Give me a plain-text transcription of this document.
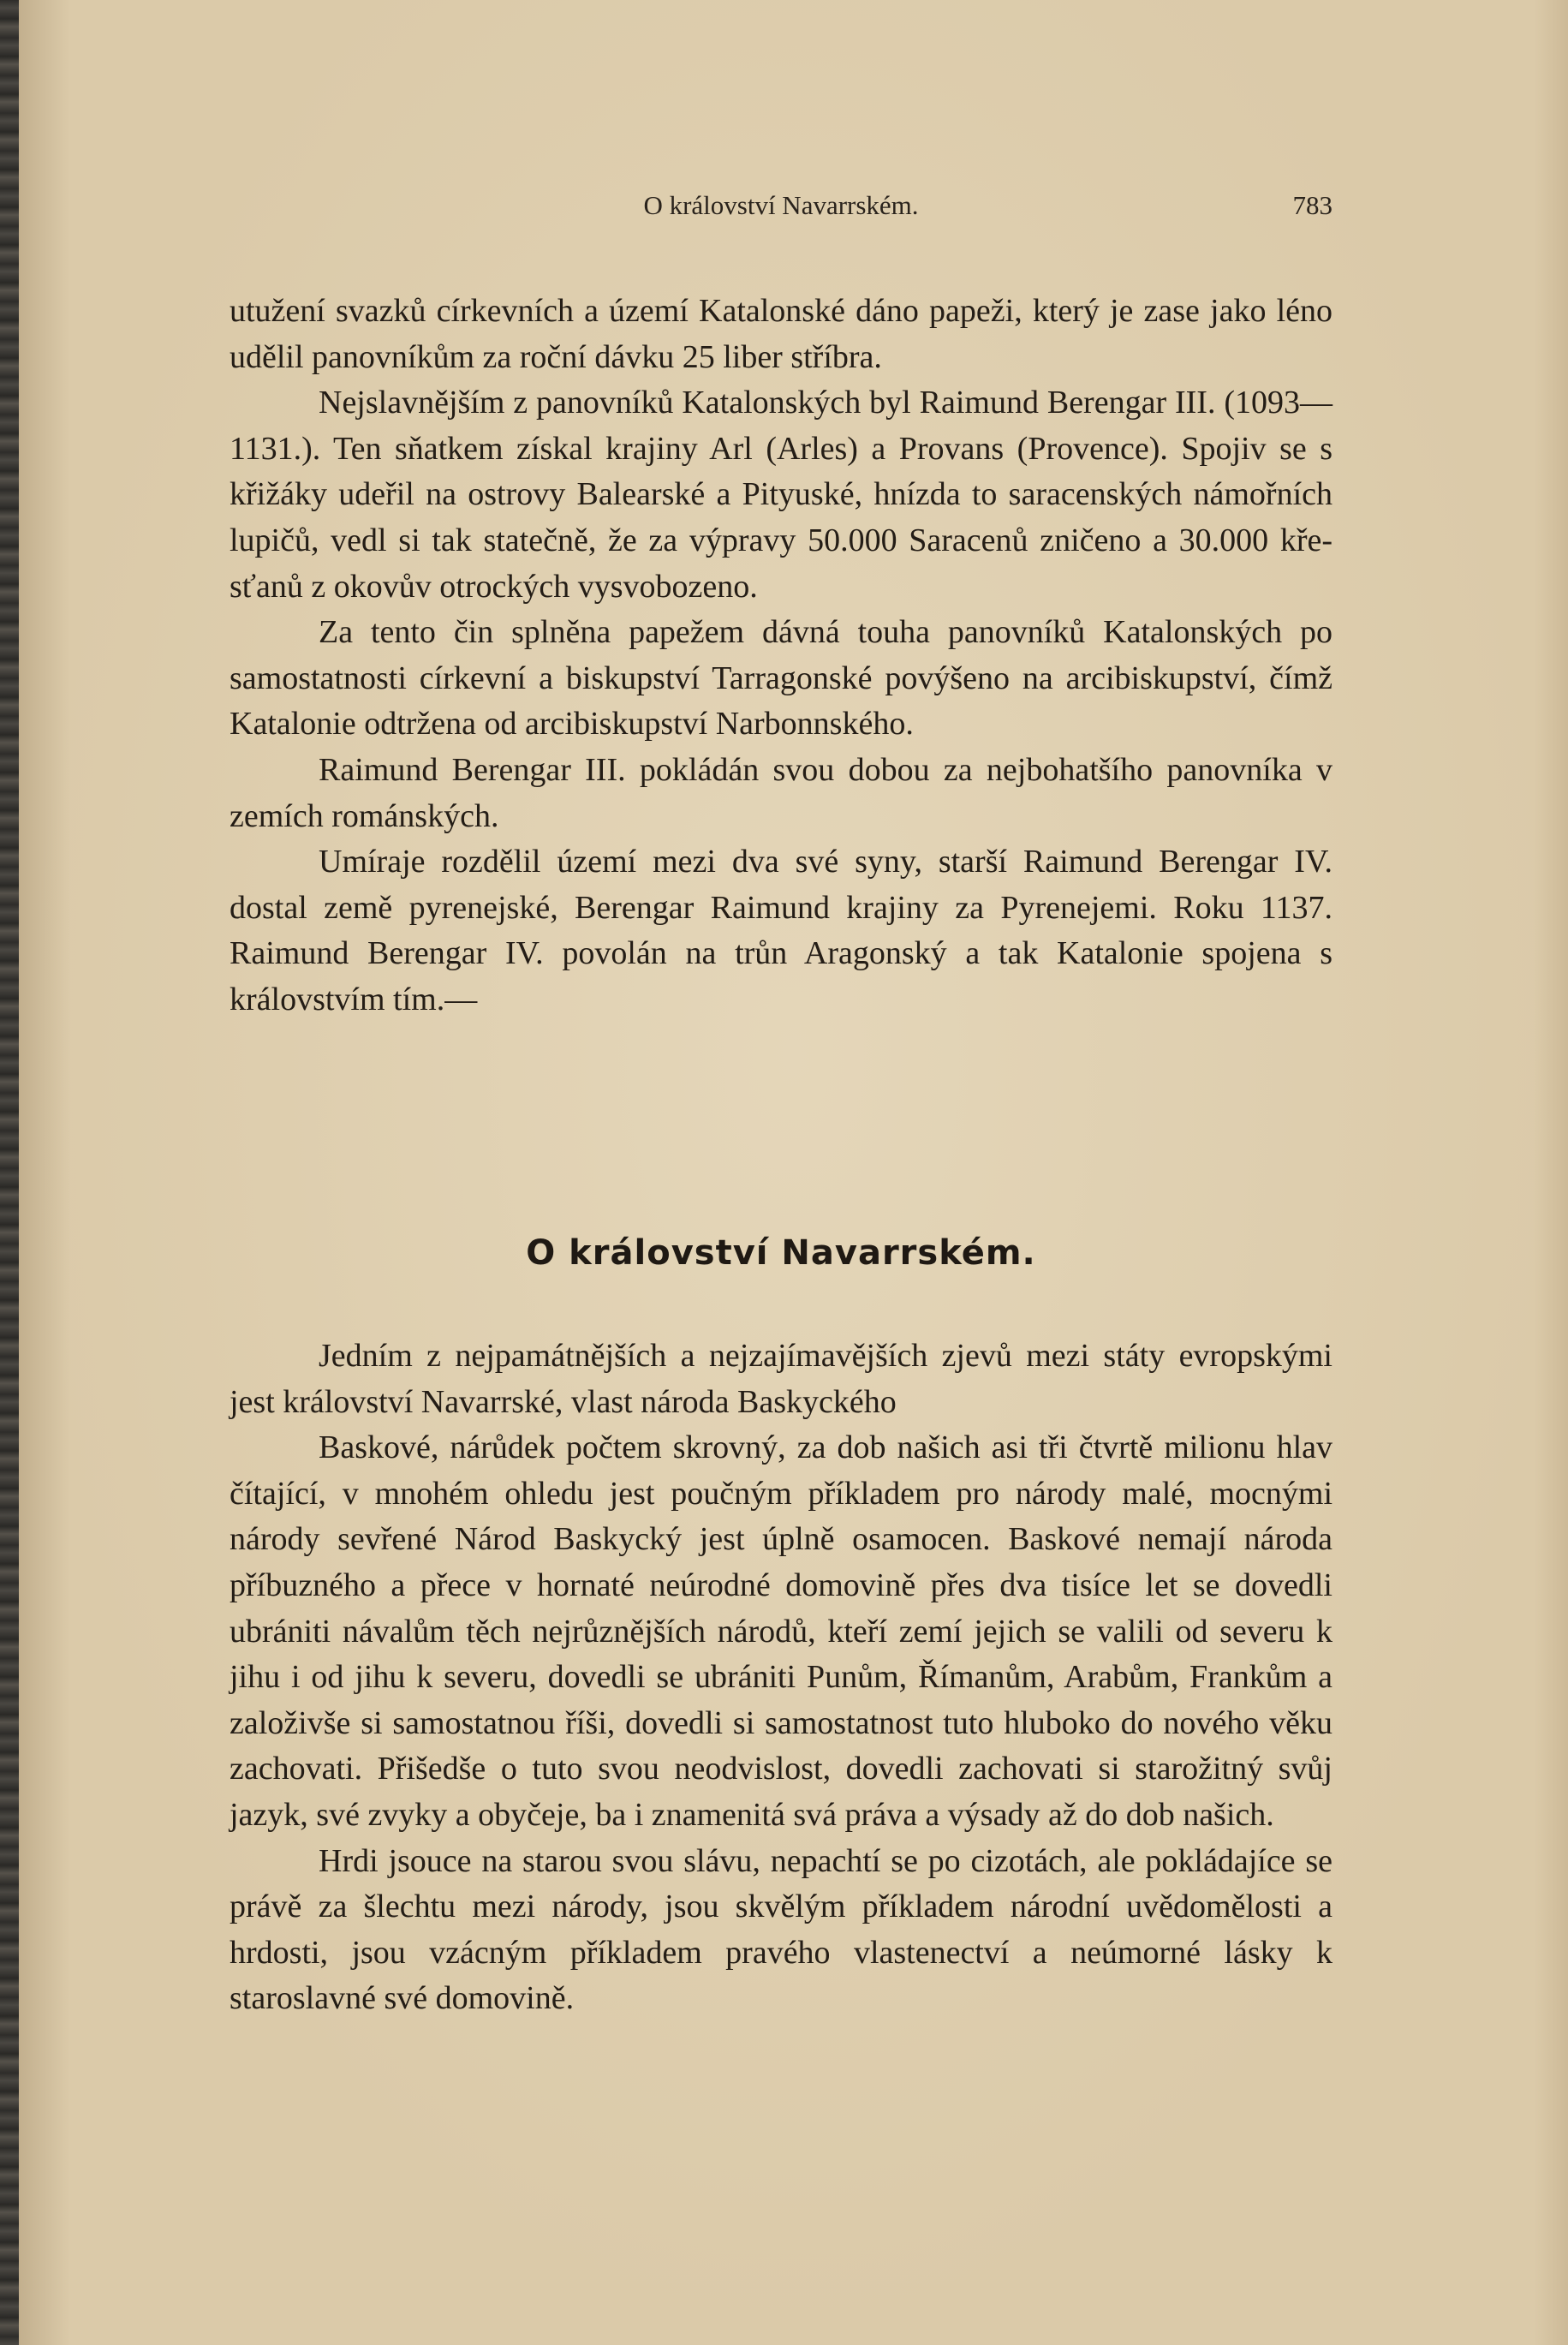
O království Navarrském.	783

utužení svazků církevních a území Katalonské dáno papeži, který je zase jako léno udělil panovníkům za roční dávku 25 liber stříbra.

Nejslavnějším z panovníků Katalonských byl Raimund Berengar III. (1093—1131.). Ten sňatkem získal krajiny Arl (Arles) a Provans (Provence). Spojiv se s křižáky udeřil na ostrovy Balearské a Pityuské, hnízda to saracenských námořních lupičů, vedl si tak statečně, že za výpravy 50.000 Saracenů zničeno a 30.000 křesťanů z okovův otrockých vysvobozeno.

Za tento čin splněna papežem dávná touha panovníků Katalonských po samostatnosti církevní a biskupství Tarragonské povýšeno na arcibiskupství, čímž Katalonie odtržena od arcibiskupství Narbonnského.

Raimund Berengar III. pokládán svou dobou za nejbohatšího panovníka v zemích románských.

Umíraje rozdělil území mezi dva své syny, starší Raimund Berengar IV. dostal země pyrenejské, Berengar Raimund krajiny za Pyrenejemi. Roku 1137. Raimund Berengar IV. povolán na trůn Aragonský a tak Katalonie spojena s královstvím tím.—

O království Navarrském.

Jedním z nejpamátnějších a nejzajímavějších zjevů mezi státy evropskými jest království Navarrské, vlast národa Baskyckého

Baskové, nárůdek počtem skrovný, za dob našich asi tři čtvrtě milionu hlav čítající, v mnohém ohledu jest poučným příkladem pro národy malé, mocnými národy sevřené Národ Baskycký jest úplně osamocen. Baskové nemají národa příbuzného a přece v hornaté neúrodné domovině přes dva tisíce let se dovedli ubrániti návalům těch nejrůznějších národů, kteří zemí jejich se valili od severu k jihu i od jihu k severu, dovedli se ubrániti Punům, Římanům, Arabům, Frankům a založivše si samostatnou říši, dovedli si samostatnost tuto hluboko do nového věku zachovati. Přišedše o tuto svou neodvislost, dovedli zachovati si starožitný svůj jazyk, své zvyky a obyčeje, ba i znamenitá svá práva a výsady až do dob našich.

Hrdi jsouce na starou svou slávu, nepachtí se po cizotách, ale pokládajíce se právě za šlechtu mezi národy, jsou skvělým příkladem národní uvědomělosti a hrdosti, jsou vzácným příkladem pravého vlastenectví a neúmorné lásky k staroslavné své domovině.
